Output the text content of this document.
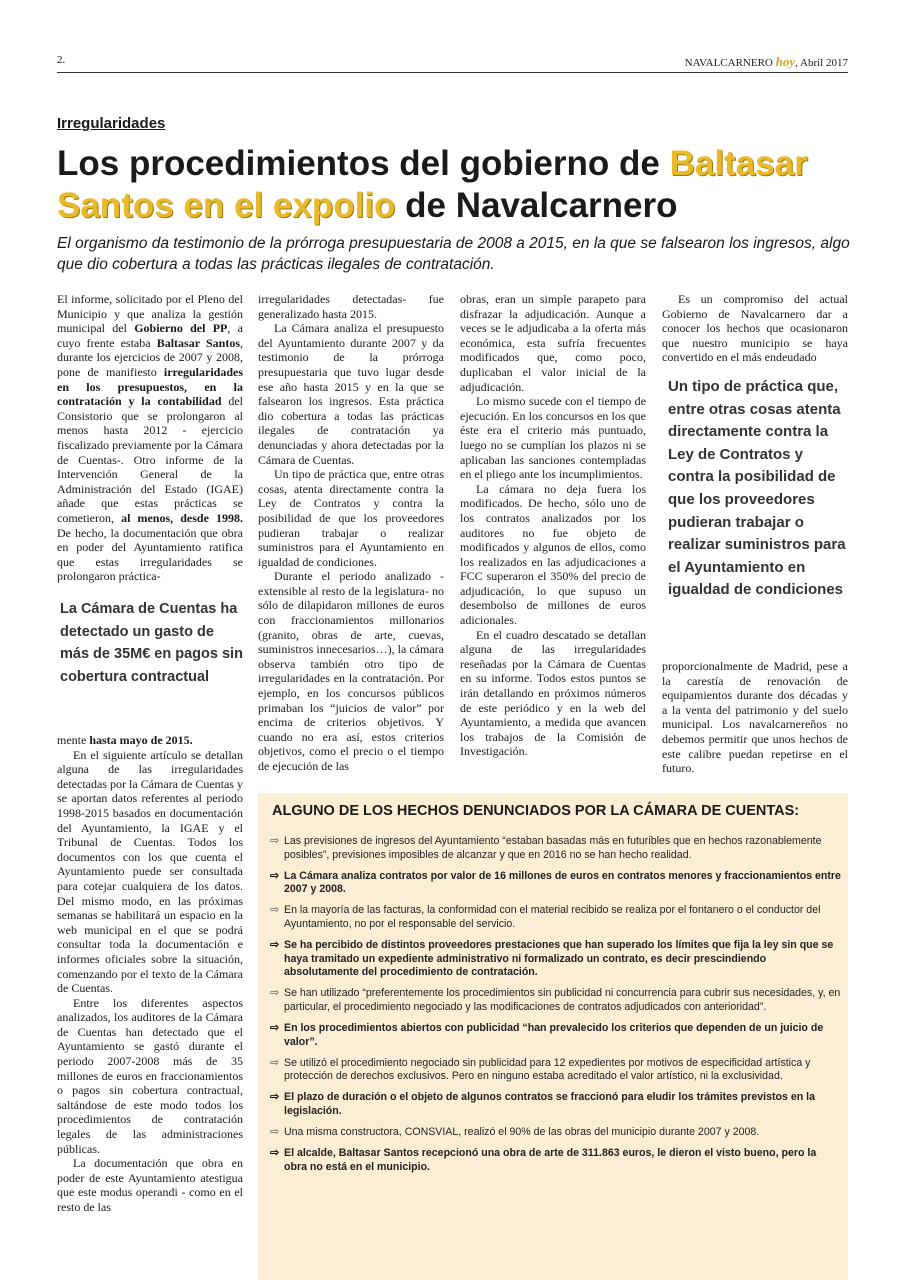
2.	NAVALCARNERO hoy, Abril 2017
Irregularidades
Los procedimientos del gobierno de Baltasar Santos en el expolio de Navalcarnero

El organismo da testimonio de la prórroga presupuestaria de 2008 a 2015, en la que se falsearon los ingresos, algo que dio cobertura a todas las prácticas ilegales de contratación.

El informe, solicitado por el Pleno del Municipio y que analiza la gestión municipal del Gobierno del PP, a cuyo frente estaba Baltasar Santos, durante los ejercicios de 2007 y 2008, pone de manifiesto irregularidades en los presupuestos, en la contratación y la contabilidad del Consistorio que se prolongaron al menos hasta 2012 - ejercicio fiscalizado previamente por la Cámara de Cuentas-. Otro informe de la Intervención General de la Administración del Estado (IGAE) añade que estas prácticas se cometieron, al menos, desde 1998. De hecho, la documentación que obra en poder del Ayuntamiento ratifica que estas irregularidades se prolongaron práctica-

La Cámara de Cuentas ha detectado un gasto de más de 35M€ en pagos sin cobertura contractual

mente hasta mayo de 2015.

En el siguiente artículo se detallan alguna de las irregularidades detectadas por la Cámara de Cuentas y se aportan datos referentes al periodo 1998-2015 basados en documentación del Ayuntamiento, la IGAE y el Tribunal de Cuentas. Todos los documentos con los que cuenta el Ayuntamiento puede ser consultada para cotejar cualquiera de los datos. Del mismo modo, en las próximas semanas se habilitará un espacio en la web municipal en el que se podrá consultar toda la documentación e informes oficiales sobre la situación, comenzando por el texto de la Cámara de Cuentas.

Entre los diferentes aspectos analizados, los auditores de la Cámara de Cuentas han detectado que el Ayuntamiento se gastó durante el periodo 2007-2008 más de 35 millones de euros en fraccionamientos o pagos sin cobertura contractual, saltándose de este modo todos los procedimientos de contratación legales de las administraciones públicas.

La documentación que obra en poder de este Ayuntamiento atestigua que este modus operandi - como en el resto de las

irregularidades detectadas- fue generalizado hasta 2015.

La Cámara analiza el presupuesto del Ayuntamiento durante 2007 y da testimonio de la prórroga presupuestaria que tuvo lugar desde ese año hasta 2015 y en la que se falsearon los ingresos. Esta práctica dio cobertura a todas las prácticas ilegales de contratación ya denunciadas y ahora detectadas por la Cámara de Cuentas.

Un tipo de práctica que, entre otras cosas, atenta directamente contra la Ley de Contratos y contra la posibilidad de que los proveedores pudieran trabajar o realizar suministros para el Ayuntamiento en igualdad de condiciones.

Durante el periodo analizado - extensible al resto de la legislatura- no sólo de dilapidaron millones de euros con fraccionamientos millonarios (granito, obras de arte, cuevas, suministros innecesarios…), la cámara observa también otro tipo de irregularidades en la contratación. Por ejemplo, en los concursos públicos primaban los “juicios de valor” por encima de criterios objetivos. Y cuando no era así, estos criterios objetivos, como el precio o el tiempo de ejecución de las

obras, eran un simple parapeto para disfrazar la adjudicación. Aunque a veces se le adjudicaba a la oferta más económica, esta sufría frecuentes modificados que, como poco, duplicaban el valor inicial de la adjudicación.

Lo mismo sucede con el tiempo de ejecución. En los concursos en los que éste era el criterio más puntuado, luego no se cumplían los plazos ni se aplicaban las sanciones contempladas en el pliego ante los incumplimientos.

La cámara no deja fuera los modificados. De hecho, sólo uno de los contratos analizados por los auditores no fue objeto de modificados y algunos de ellos, como los realizados en las adjudicaciones a FCC superaron el 350% del precio de adjudicación, lo que supuso un desembolso de millones de euros adicionales.

En el cuadro descatado se detallan alguna de las irregularidades reseñadas por la Cámara de Cuentas en su informe. Todos estos puntos se irán detallando en próximos números de este periódico y en la web del Ayuntamiento, a medida que avancen los trabajos de la Comisión de Investigación.

Es un compromiso del actual Gobierno de Navalcarnero dar a conocer los hechos que ocasionaron que nuestro municipio se haya convertido en el más endeudado

Un tipo de práctica que, entre otras cosas atenta directamente contra la Ley de Contratos y contra la posibilidad de que los proveedores pudieran trabajar o realizar suministros para el Ayuntamiento en igualdad de condiciones

proporcionalmente de Madrid, pese a la carestía de renovación de equipamientos durante dos décadas y a la venta del patrimonio y del suelo municipal. Los navalcarnereños no debemos permitir que unos hechos de este calibre puedan repetirse en el futuro.

ALGUNO DE LOS HECHOS DENUNCIADOS POR LA CÁMARA DE CUENTAS:
⇨ Las previsiones de ingresos del Ayuntamiento “estaban basadas más en futuribles que en hechos razonablemente posibles”, previsiones imposibles de alcanzar y que en 2016 no se han hecho realidad.
⇨ La Cámara analiza contratos por valor de 16 millones de euros en contratos menores y fraccionamientos entre 2007 y 2008.
⇨ En la mayoría de las facturas, la conformidad con el material recibido se realiza por el fontanero o el conductor del Ayuntamiento, no por el responsable del servicio.
⇨ Se ha percibido de distintos proveedores prestaciones que han superado los límites que fija la ley sin que se haya tramitado un expediente administrativo ni formalizado un contrato, es decir prescindiendo absolutamente del procedimiento de contratación.
⇨ Se han utilizado “preferentemente los procedimientos sin publicidad ni concurrencia para cubrir sus necesidades, y, en particular, el procedimiento negociado y las modificaciones de contratos adjudicados con anterioridad”.
⇨ En los procedimientos abiertos con publicidad “han prevalecido los criterios que dependen de un juicio de valor”.
⇨ Se utilizó el procedimiento negociado sin publicidad para 12 expedientes por motivos de especificidad artística y protección de derechos exclusivos. Pero en ninguno estaba acreditado el valor artístico, ni la exclusividad.
⇨ El plazo de duración o el objeto de algunos contratos se fraccionó para eludir los trámites previstos en la legislación.
⇨ Una misma constructora, CONSVIAL, realizó el 90% de las obras del municipio durante 2007 y 2008.
⇨ El alcalde, Baltasar Santos recepcionó una obra de arte de 311.863 euros, le dieron el visto bueno, pero la obra no está en el municipio.
